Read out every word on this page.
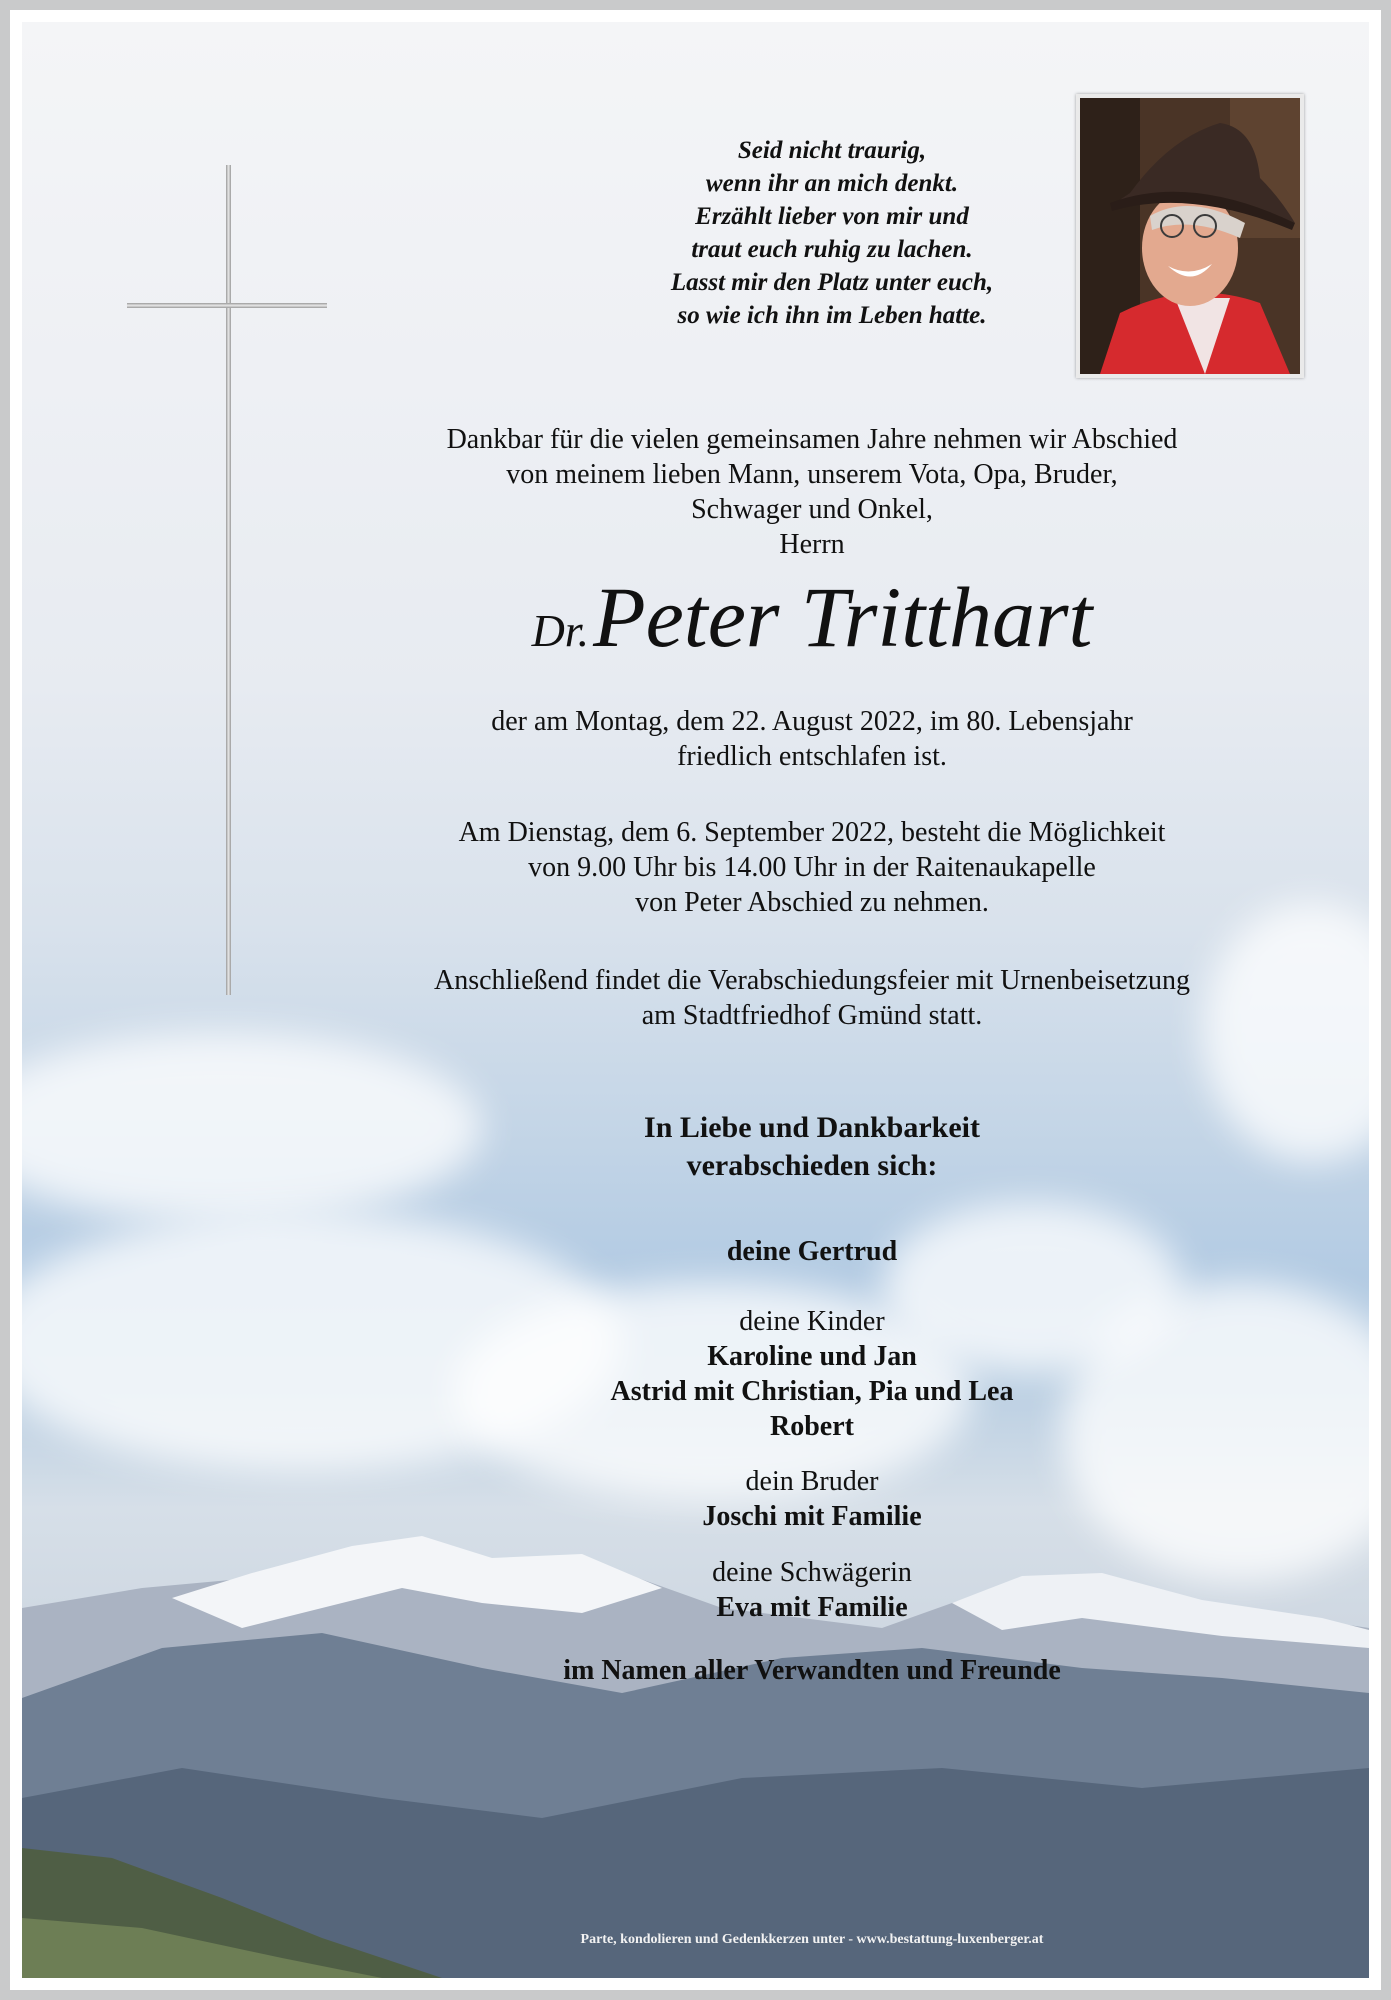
Seid nicht traurig,
wenn ihr an mich denkt.
Erzählt lieber von mir und
traut euch ruhig zu lachen.
Lasst mir den Platz unter euch,
so wie ich ihn im Leben hatte.
Dankbar für die vielen gemeinsamen Jahre nehmen wir Abschied
von meinem lieben Mann, unserem Vota, Opa, Bruder,
Schwager und Onkel,
Herrn
Dr. Peter Tritthart
der am Montag, dem 22. August 2022, im 80. Lebensjahr
friedlich entschlafen ist.
Am Dienstag, dem 6. September 2022, besteht die Möglichkeit
von 9.00 Uhr bis 14.00 Uhr in der Raitenaukapelle
von Peter Abschied zu nehmen.
Anschließend findet die Verabschiedungsfeier mit Urnenbeisetzung
am Stadtfriedhof Gmünd statt.
In Liebe und Dankbarkeit
verabschieden sich:
deine Gertrud
deine Kinder
Karoline und Jan
Astrid mit Christian, Pia und Lea
Robert
dein Bruder
Joschi mit Familie
deine Schwägerin
Eva mit Familie
im Namen aller Verwandten und Freunde
Parte, kondolieren und Gedenkkerzen unter - www.bestattung-luxenberger.at
